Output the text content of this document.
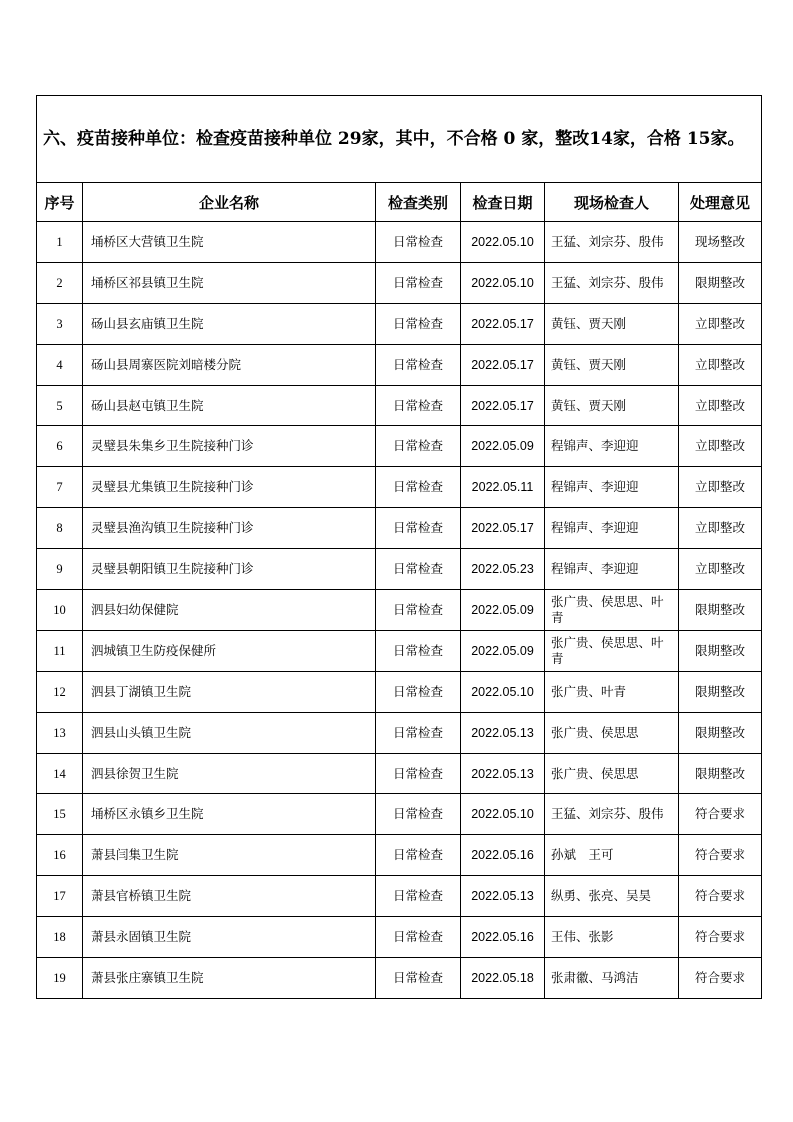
六、疫苗接种单位：检查疫苗接种单位 29家，其中，不合格 0 家，整改14家，合格 15家。					
序号	企业名称	检查类别	检查日期	现场检查人	处理意见
1	埇桥区大营镇卫生院	日常检查	2022.05.10	王猛、刘宗芬、殷伟	现场整改
2	埇桥区祁县镇卫生院	日常检查	2022.05.10	王猛、刘宗芬、殷伟	限期整改
3	砀山县玄庙镇卫生院	日常检查	2022.05.17	黄钰、贾天刚	立即整改
4	砀山县周寨医院刘暗楼分院	日常检查	2022.05.17	黄钰、贾天刚	立即整改
5	砀山县赵屯镇卫生院	日常检查	2022.05.17	黄钰、贾天刚	立即整改
6	灵璧县朱集乡卫生院接种门诊	日常检查	2022.05.09	程锦声、李迎迎	立即整改
7	灵璧县尤集镇卫生院接种门诊	日常检查	2022.05.11	程锦声、李迎迎	立即整改
8	灵璧县渔沟镇卫生院接种门诊	日常检查	2022.05.17	程锦声、李迎迎	立即整改
9	灵璧县朝阳镇卫生院接种门诊	日常检查	2022.05.23	程锦声、李迎迎	立即整改
10	泗县妇幼保健院	日常检查	2022.05.09	张广贵、侯思思、叶青	限期整改
11	泗城镇卫生防疫保健所	日常检查	2022.05.09	张广贵、侯思思、叶青	限期整改
12	泗县丁湖镇卫生院	日常检查	2022.05.10	张广贵、叶青	限期整改
13	泗县山头镇卫生院	日常检查	2022.05.13	张广贵、侯思思	限期整改
14	泗县徐贺卫生院	日常检查	2022.05.13	张广贵、侯思思	限期整改
15	埇桥区永镇乡卫生院	日常检查	2022.05.10	王猛、刘宗芬、殷伟	符合要求
16	萧县闫集卫生院	日常检查	2022.05.16	孙斌　王可	符合要求
17	萧县官桥镇卫生院	日常检查	2022.05.13	纵勇、张亮、吴昊	符合要求
18	萧县永固镇卫生院	日常检查	2022.05.16	王伟、张影	符合要求
19	萧县张庄寨镇卫生院	日常检查	2022.05.18	张肃徽、马鸿洁	符合要求
